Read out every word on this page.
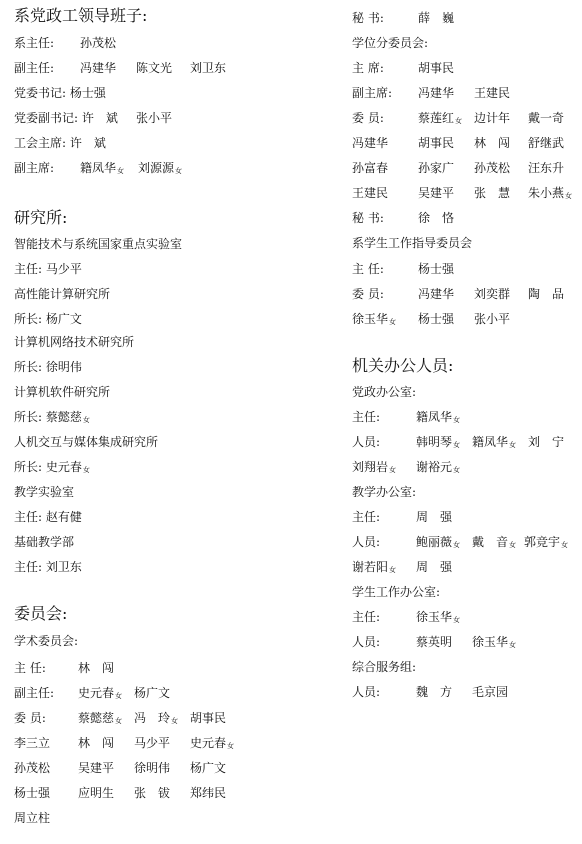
系党政工领导班子:
系主任: 孙茂松
副主任: 冯建华 陈文光 刘卫东
党委书记: 杨士强
党委副书记: 许　斌 张小平
工会主席: 许　斌
副主席: 籍凤华女 刘源源女
研究所:
智能技术与系统国家重点实验室
主任: 马少平
高性能计算研究所
所长: 杨广文
计算机网络技术研究所
所长: 徐明伟
计算机软件研究所
所长: 蔡懿慈女
人机交互与媒体集成研究所
所长: 史元春女
教学实验室
主任: 赵有健
基础教学部
主任: 刘卫东
委员会:
学术委员会:
主 任:	林　闯
副主任: 史元春女 杨广文
委 员:	蔡懿慈女 冯　玲女 胡事民
李三立 林　闯 马少平 史元春女
孙茂松 吴建平 徐明伟 杨广文
杨士强 应明生 张　钹 郑纬民
周立柱
秘 书:	薛　巍
学位分委员会:
主 席:	胡事民
副主席: 冯建华 王建民
委 员:	蔡莲红女 边计年 戴一奇
冯建华 胡事民 林　闯 舒继武
孙富春 孙家广 孙茂松 汪东升
王建民 吴建平 张　慧 朱小燕女
秘 书:	徐　恪
系学生工作指导委员会
主 任:	杨士强
委 员:	冯建华 刘奕群 陶　品
徐玉华女 杨士强 张小平
机关办公人员:
党政办公室:
主任:	籍凤华女
人员:	韩明琴女 籍凤华女 刘　宁
刘翔岩女 谢裕元女
教学办公室:
主任:	周　强
人员:	鲍丽薇女 戴　音女 郭竞宇女
谢若阳女 周　强
学生工作办公室:
主任:	徐玉华女
人员:	蔡英明 徐玉华女
综合服务组:
人员:	魏　方 毛京园
